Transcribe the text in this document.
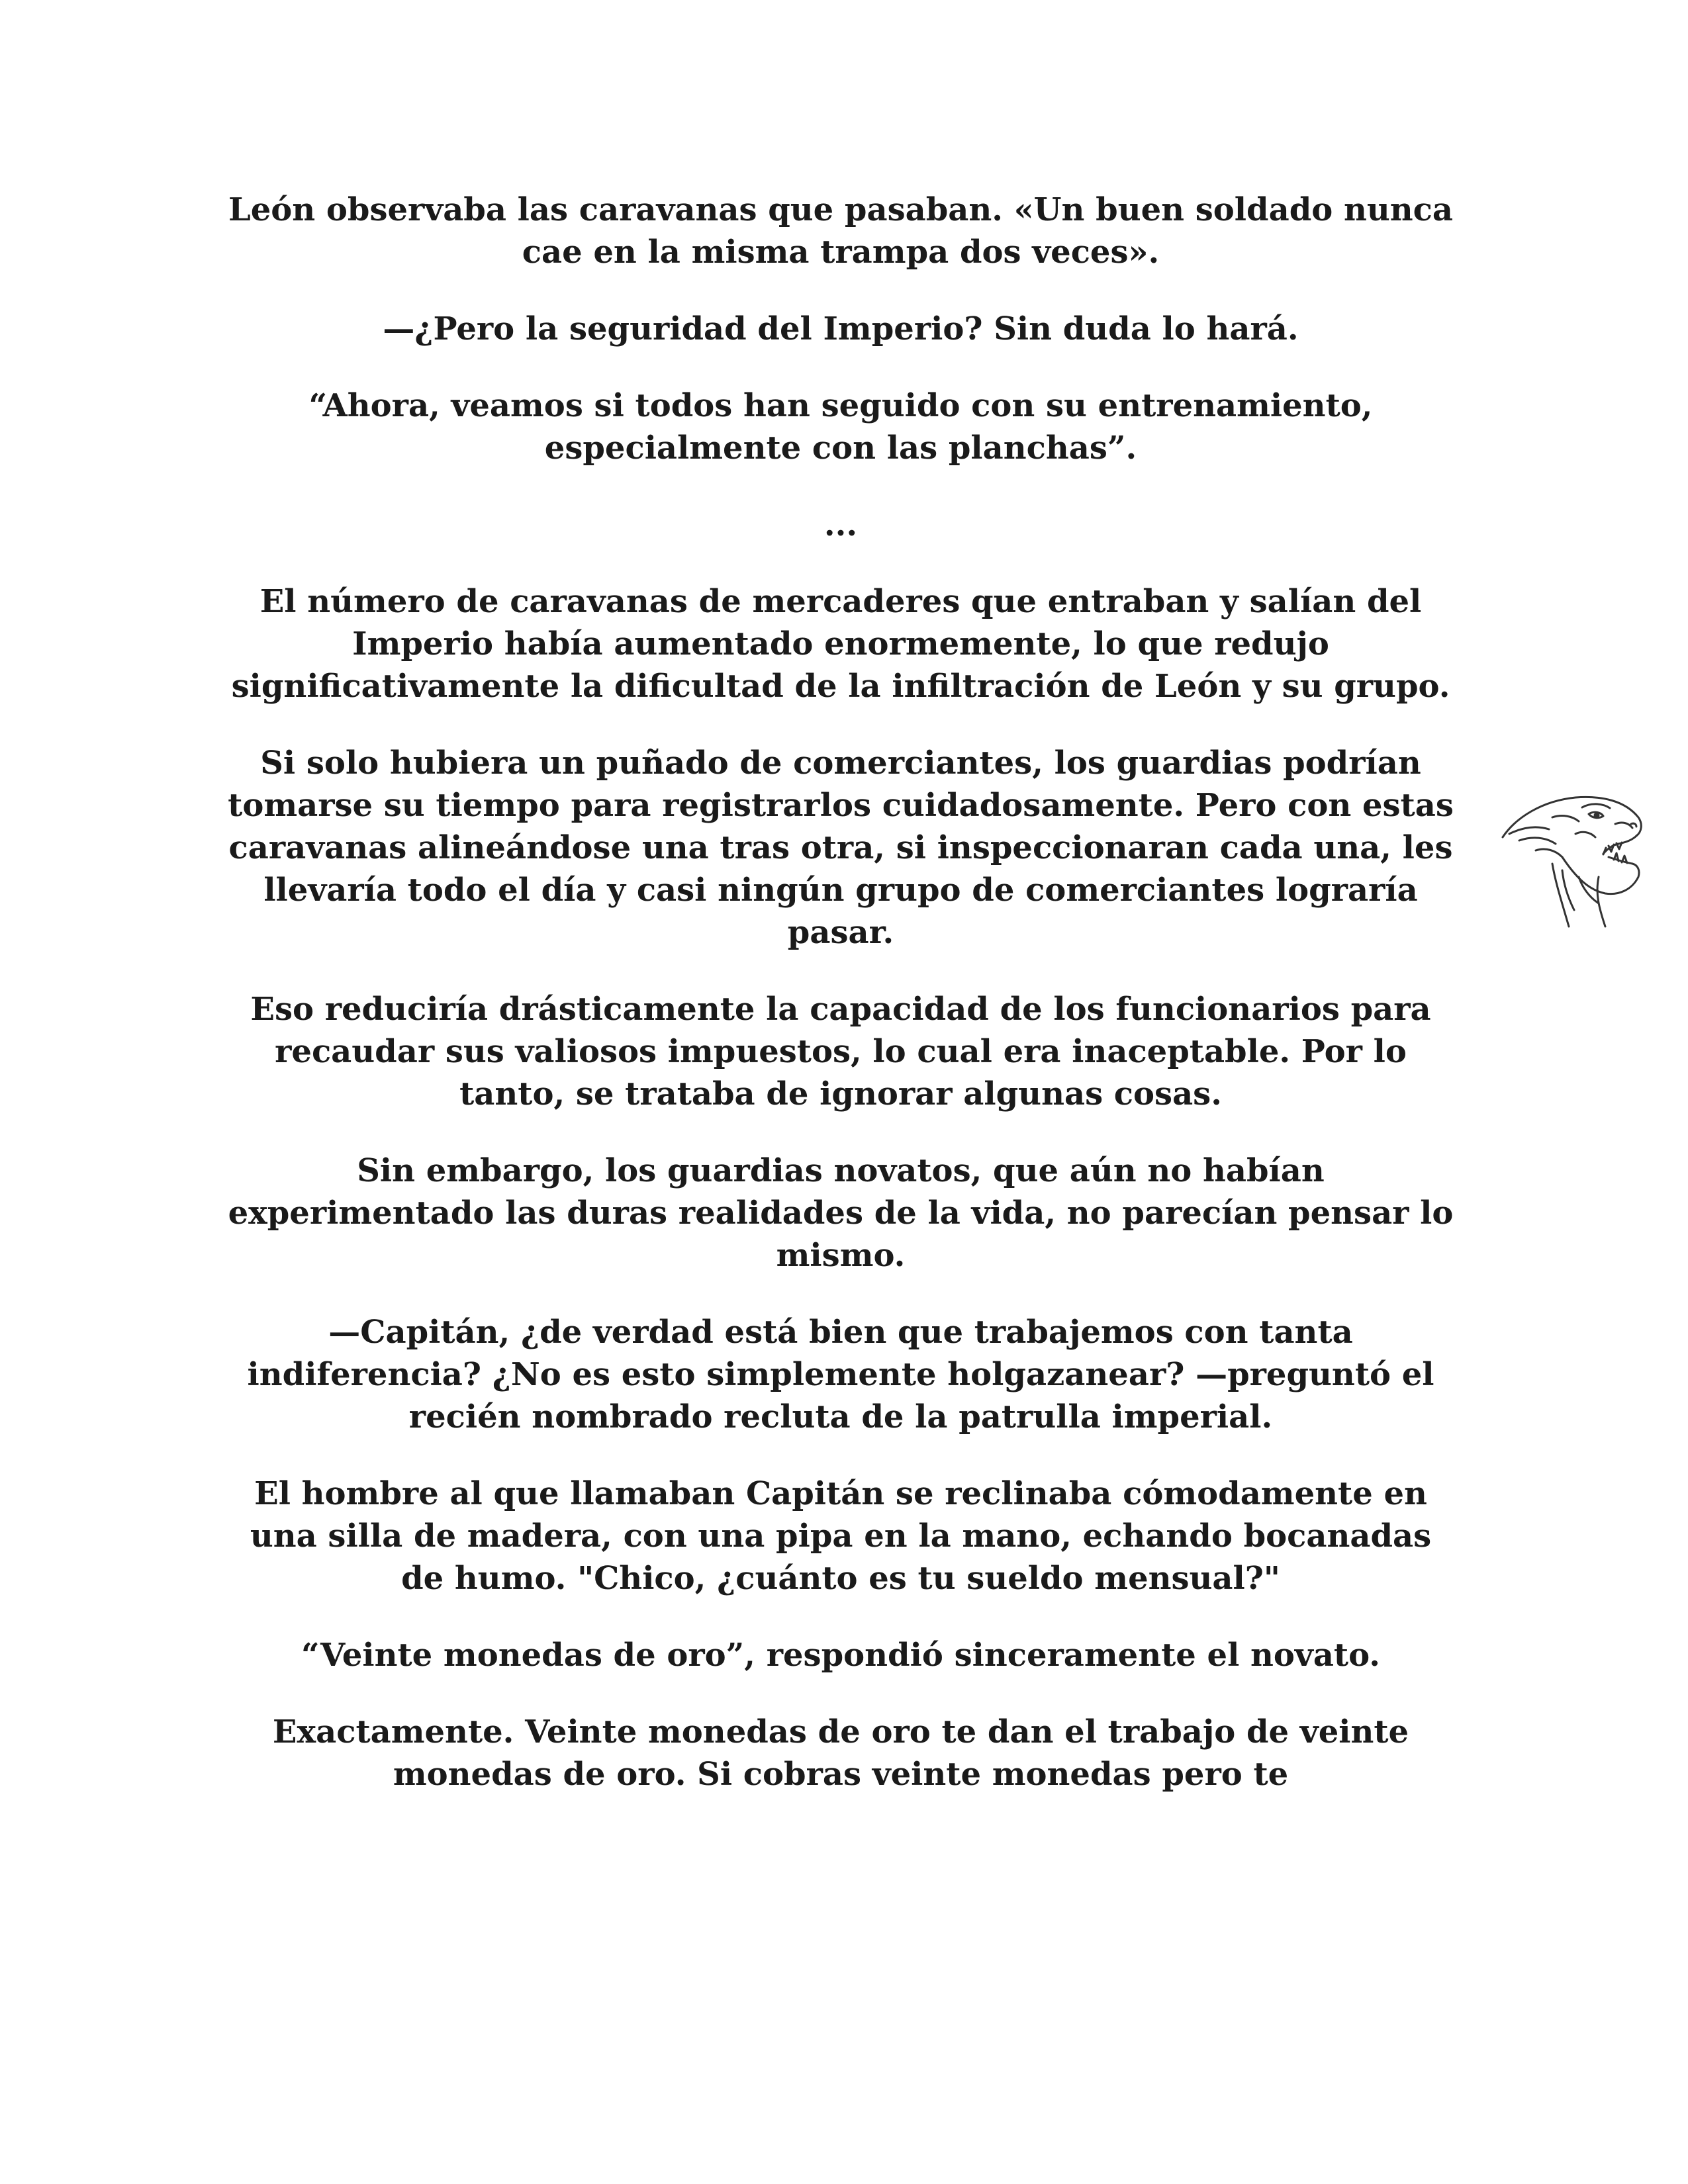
León observaba las caravanas que pasaban. «Un buen soldado nunca cae en la misma trampa dos veces».

—¿Pero la seguridad del Imperio? Sin duda lo hará.

“Ahora, veamos si todos han seguido con su entrenamiento, especialmente con las planchas”.

...

El número de caravanas de mercaderes que entraban y salían del Imperio había aumentado enormemente, lo que redujo significativamente la dificultad de la infiltración de León y su grupo.

Si solo hubiera un puñado de comerciantes, los guardias podrían tomarse su tiempo para registrarlos cuidadosamente. Pero con estas caravanas alineándose una tras otra, si inspeccionaran cada una, les llevaría todo el día y casi ningún grupo de comerciantes lograría pasar.

Eso reduciría drásticamente la capacidad de los funcionarios para recaudar sus valiosos impuestos, lo cual era inaceptable. Por lo tanto, se trataba de ignorar algunas cosas.

Sin embargo, los guardias novatos, que aún no habían experimentado las duras realidades de la vida, no parecían pensar lo mismo.

—Capitán, ¿de verdad está bien que trabajemos con tanta indiferencia? ¿No es esto simplemente holgazanear? —preguntó el recién nombrado recluta de la patrulla imperial.

El hombre al que llamaban Capitán se reclinaba cómodamente en una silla de madera, con una pipa en la mano, echando bocanadas de humo. "Chico, ¿cuánto es tu sueldo mensual?"

“Veinte monedas de oro”, respondió sinceramente el novato.

Exactamente. Veinte monedas de oro te dan el trabajo de veinte monedas de oro. Si cobras veinte monedas pero te
